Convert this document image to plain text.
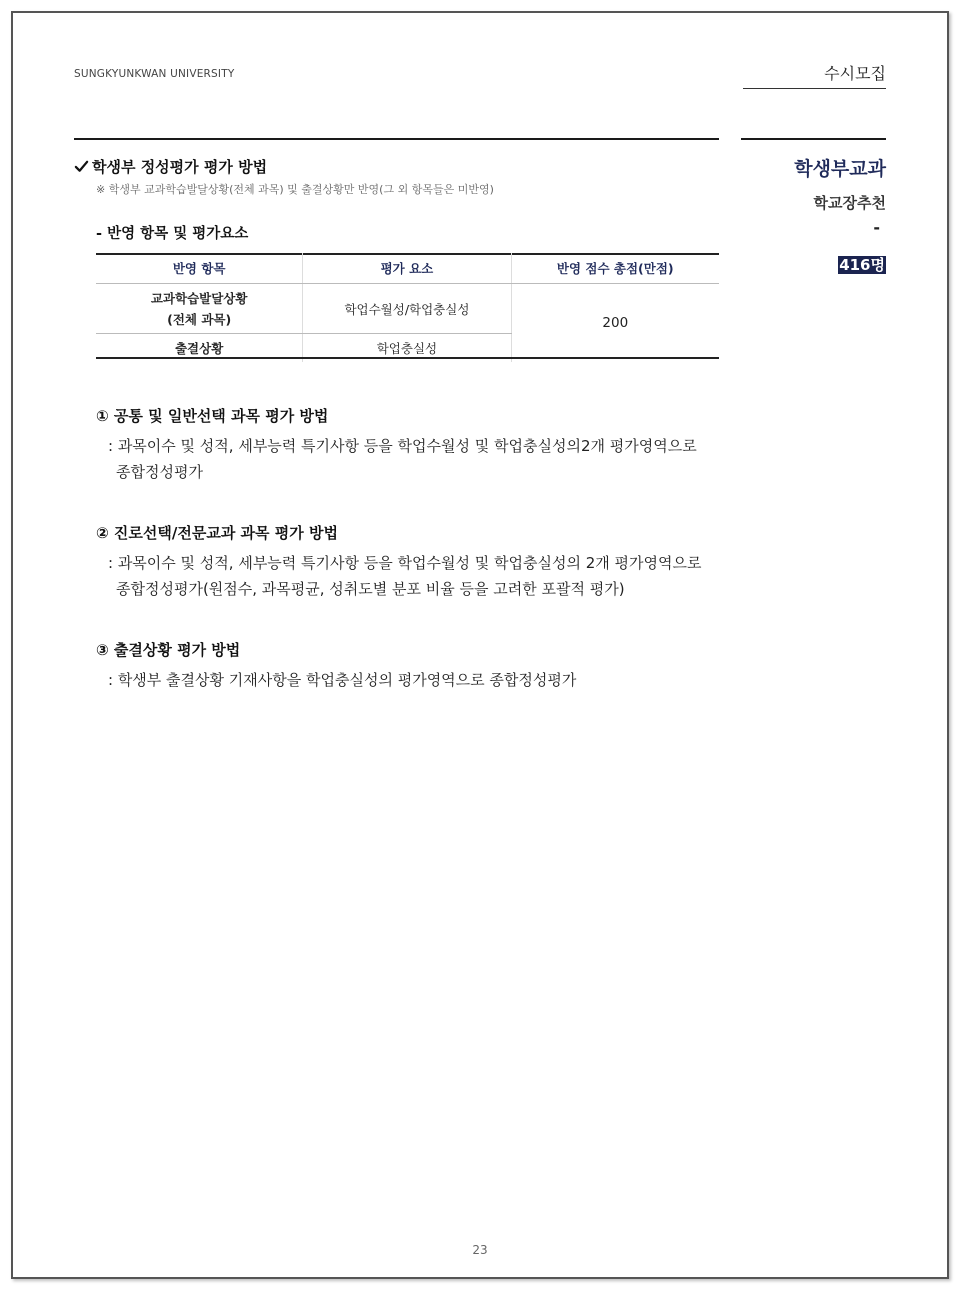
SUNGKYUNKWAN UNIVERSITY	수시모집
학생부교과
학교장추천
-
416명
학생부 정성평가 평가 방법
※ 학생부 교과학습발달상황(전체 과목) 및 출결상황만 반영(그 외 항목들은 미반영)
- 반영 항목 및 평가요소
반영 항목	평가 요소	반영 점수 총점(만점)

교과학습발달상황
(전체 과목)	학업수월성/학업충실성	200
출결상황	학업충실성	
① 공통 및 일반선택 과목 평가 방법
: 과목이수 및 성적, 세부능력 특기사항 등을 학업수월성 및 학업충실성의2개 평가영역으로
종합정성평가
② 진로선택/전문교과 과목 평가 방법
: 과목이수 및 성적, 세부능력 특기사항 등을 학업수월성 및 학업충실성의 2개 평가영역으로
종합정성평가(원점수, 과목평균, 성취도별 분포 비율 등을 고려한 포괄적 평가)
③ 출결상황 평가 방법
: 학생부 출결상황 기재사항을 학업충실성의 평가영역으로 종합정성평가
23
